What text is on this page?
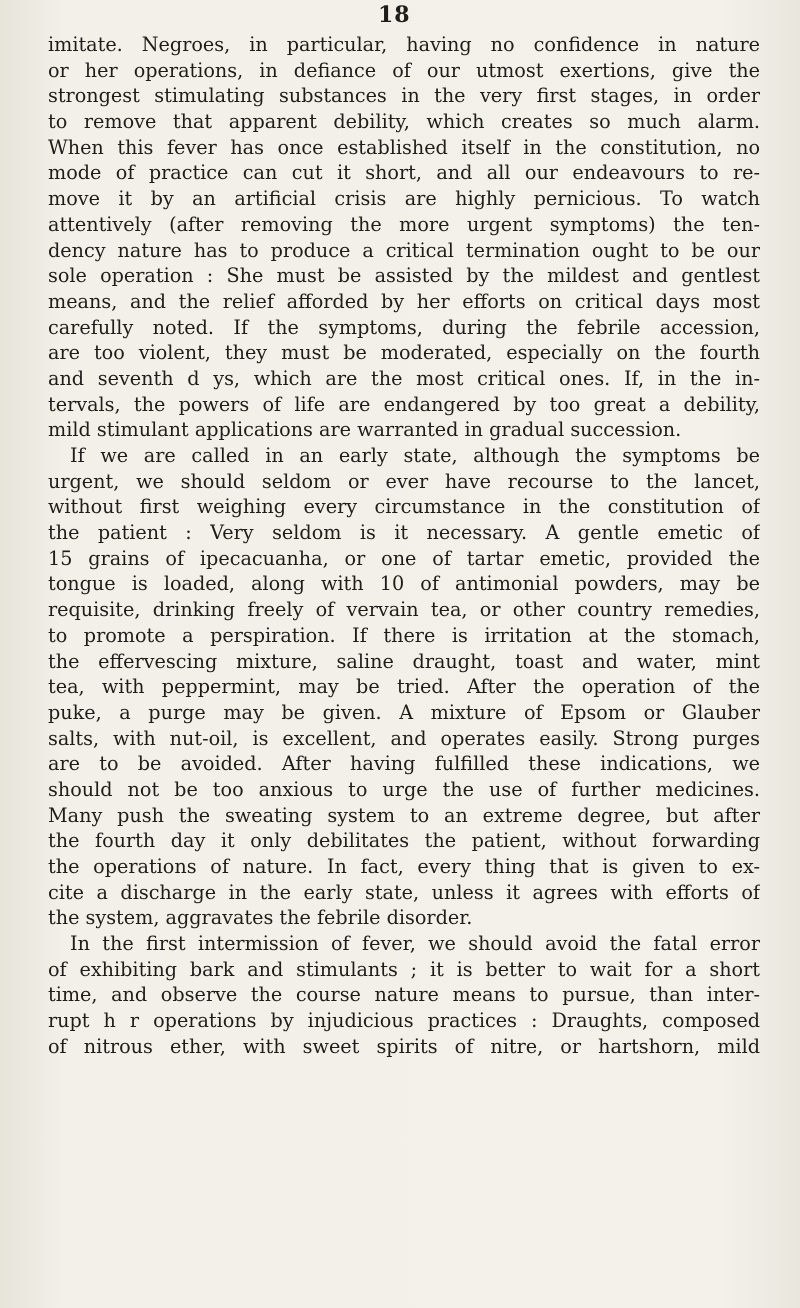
18
imitate. Negroes, in particular, having no confidence in nature
or her operations, in defiance of our utmost exertions, give the
strongest stimulating substances in the very first stages, in order
to remove that apparent debility, which creates so much alarm.
When this fever has once established itself in the constitution, no
mode of practice can cut it short, and all our endeavours to re-
move it by an artificial crisis are highly pernicious. To watch
attentively (after removing the more urgent symptoms) the ten-
dency nature has to produce a critical termination ought to be our
sole operation : She must be assisted by the mildest and gentlest
means, and the relief afforded by her efforts on critical days most
carefully noted. If the symptoms, during the febrile accession,
are too violent, they must be moderated, especially on the fourth
and seventh d ys, which are the most critical ones. If, in the in-
tervals, the powers of life are endangered by too great a debility,
mild stimulant applications are warranted in gradual succession.
If we are called in an early state, although the symptoms be
urgent, we should seldom or ever have recourse to the lancet,
without first weighing every circumstance in the constitution of
the patient : Very seldom is it necessary. A gentle emetic of
15 grains of ipecacuanha, or one of tartar emetic, provided the
tongue is loaded, along with 10 of antimonial powders, may be
requisite, drinking freely of vervain tea, or other country remedies,
to promote a perspiration. If there is irritation at the stomach,
the effervescing mixture, saline draught, toast and water, mint
tea, with peppermint, may be tried. After the operation of the
puke, a purge may be given. A mixture of Epsom or Glauber
salts, with nut-oil, is excellent, and operates easily. Strong purges
are to be avoided. After having fulfilled these indications, we
should not be too anxious to urge the use of further medicines.
Many push the sweating system to an extreme degree, but after
the fourth day it only debilitates the patient, without forwarding
the operations of nature. In fact, every thing that is given to ex-
cite a discharge in the early state, unless it agrees with efforts of
the system, aggravates the febrile disorder.
In the first intermission of fever, we should avoid the fatal error
of exhibiting bark and stimulants ; it is better to wait for a short
time, and observe the course nature means to pursue, than inter-
rupt h r operations by injudicious practices : Draughts, composed
of nitrous ether, with sweet spirits of nitre, or hartshorn, mild
